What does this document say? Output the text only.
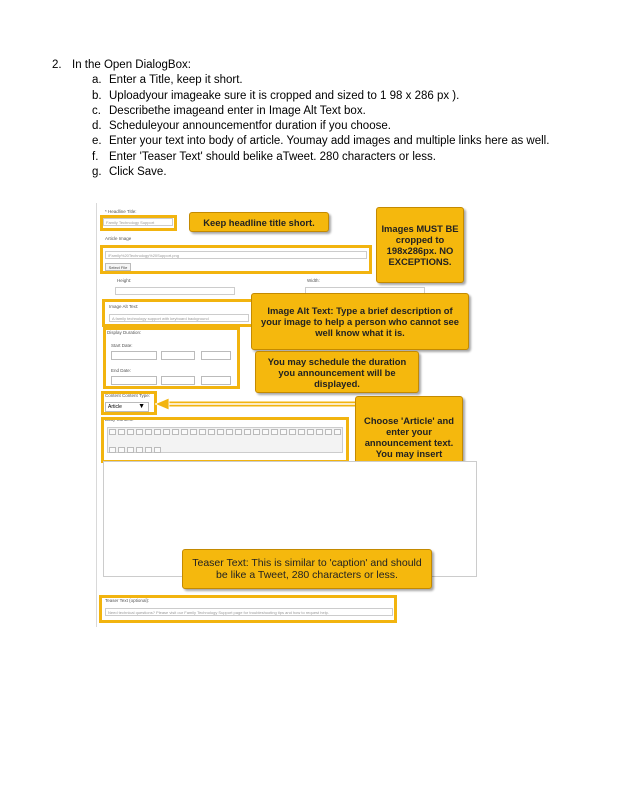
2. In the Open DialogBox:
a. Enter a Title, keep it short.
b. Uploadyour imageake sure it is cropped and sized to 1 98 x 286 px ).
c. Describethe imageand enter in Image Alt Text box.
d. Scheduleyour announcementfor duration if you choose.
e. Enter your text into body of article. Youmay add images and multiple links here as well.
f. Enter 'Teaser Text' should belike aTweet. 280 characters or less.
g. Click Save.
* Headline Title:
Family Technology Support	Keep headline title short.
Images MUST BE cropped to 198x286px. NO EXCEPTIONS.
Article Image
/Family%20Technology%20Support.png
Select File
Height:	Width:
Image Alt Text:
A family technology support with keyboard background
Image Alt Text: Type a brief description of your image to help a person who cannot see well know what it is.
Display Duration:
Start Date:
End Date:
You may schedule the duration you announcement will be displayed.
Content Content Type:
Article ▼
Choose 'Article' and enter your announcement text. You may insert
Body Content:
Teaser Text: This is similar to 'caption' and should be like a Tweet, 280 characters or less.
Teaser Text (optional):
Need technical questions? Please visit our Family Technology Support page for troubleshooting tips and how to request help.
